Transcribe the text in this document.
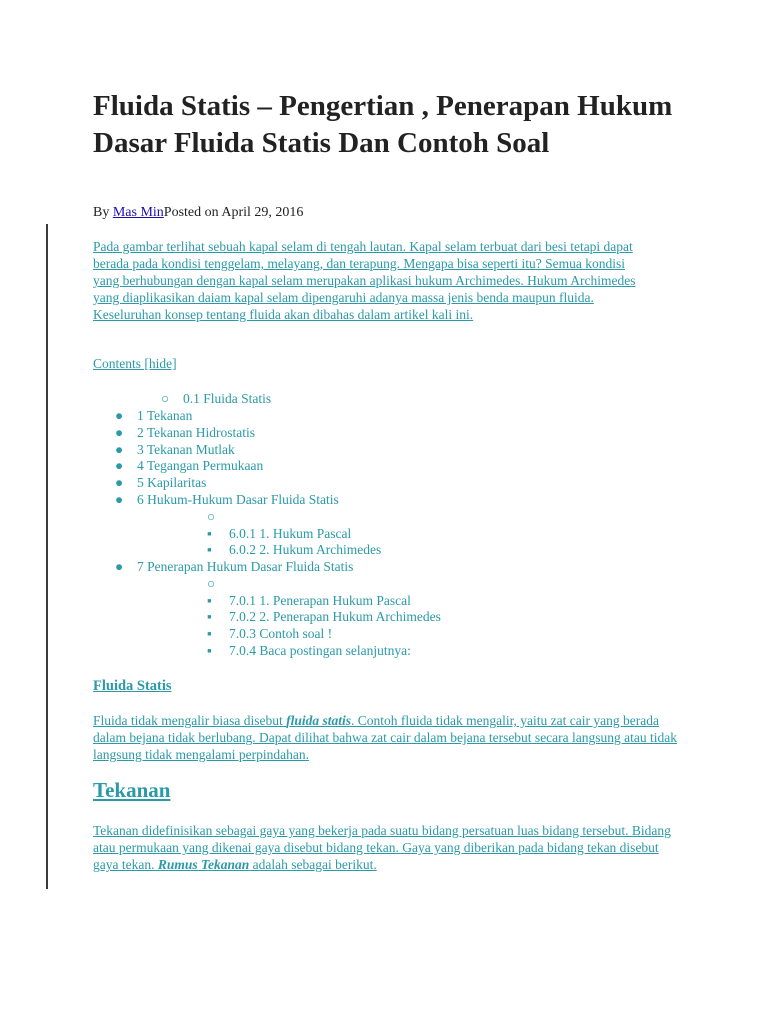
Fluida Statis – Pengertian , Penerapan Hukum Dasar Fluida Statis Dan Contoh Soal
By Mas MinPosted on April 29, 2016

Pada gambar terlihat sebuah kapal selam di tengah lautan. Kapal selam terbuat dari besi tetapi dapat berada pada kondisi tenggelam, melayang, dan terapung. Mengapa bisa seperti itu? Semua kondisi yang berhubungan dengan kapal selam merupakan aplikasi hukum Archimedes. Hukum Archimedes yang diaplikasikan daiam kapal selam dipengaruhi adanya massa jenis benda maupun fluida. Keseluruhan konsep tentang fluida akan dibahas dalam artikel kali ini.

Contents [hide]
○ 0.1 Fluida Statis
● 1 Tekanan
● 2 Tekanan Hidrostatis
● 3 Tekanan Mutlak
● 4 Tegangan Permukaan
● 5 Kapilaritas
● 6 Hukum-Hukum Dasar Fluida Statis
○
▪ 6.0.1 1. Hukum Pascal
▪ 6.0.2 2. Hukum Archimedes
● 7 Penerapan Hukum Dasar Fluida Statis
○
▪ 7.0.1 1. Penerapan Hukum Pascal
▪ 7.0.2 2. Penerapan Hukum Archimedes
▪ 7.0.3 Contoh soal !
▪ 7.0.4 Baca postingan selanjutnya:
Fluida Statis

Fluida tidak mengalir biasa disebut fluida statis. Contoh fluida tidak mengalir, yaitu zat cair yang berada dalam bejana tidak berlubang. Dapat dilihat bahwa zat cair dalam bejana tersebut secara langsung atau tidak langsung tidak mengalami perpindahan.

Tekanan

Tekanan didefinisikan sebagai gaya yang bekerja pada suatu bidang persatuan luas bidang tersebut. Bidang atau permukaan yang dikenai gaya disebut bidang tekan. Gaya yang diberikan pada bidang tekan disebut gaya tekan. Rumus Tekanan adalah sebagai berikut.
